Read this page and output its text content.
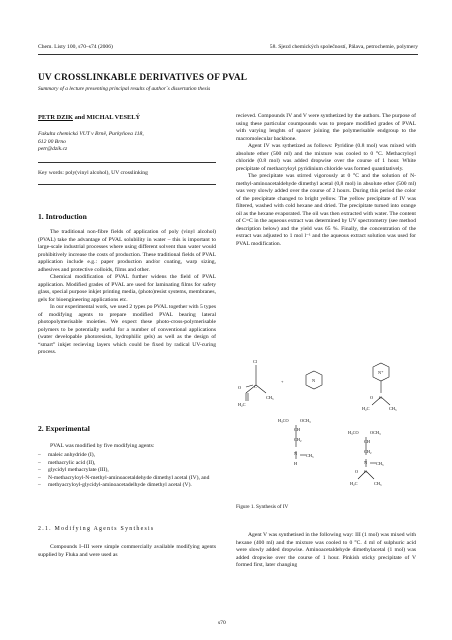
Chem. Listy 100, s70–s74 (2006)	58. Sjezd chemických společností, Pálava, petrochemie, polymery
UV CROSSLINKABLE DERIVATIVES OF PVAL
Summary of a lecture presenting principal results of author´s dissertation thesis
PETR DZIK and MICHAL VESELÝ
Fakulta chemická VUT v Brně, Purkyňova 118,
612 00 Brno
petr@dzik.cz
Key words: poly(vinyl alcohol), UV crosslinking
1. Introduction

The traditional non-fibre fields of application of poly (vinyl alcohol) (PVAL) take the advantage of PVAL solubility in water – this is important to large-scale industrial processes where using different solvent than water would prohibitively increase the costs of production. These traditional fields of PVAL application include e.g.: paper production and/or coating, warp sizing, adhesives and protective colloids, films and other.

Chemical modification of PVAL further widens the field of PVAL application. Modified grades of PVAL are used for laminating films for safety glass, special purpose inkjet printing media, (photo)resist systems, membranes, gels for bioengineering applications etc.

In our experimental work, we used 2 types po PVAL together with 5 types of modifying agents to prepare modified PVAL bearing lateral photopolymerisable moieties. We expect these photo-cross-polymerisable polymers to be potentially useful for a number of conventional applications (water developable photoresists, hydrophilic gels) as well as the design of “smart” inkjet recieving layers which could be fixed by radical UV-curing process.

2. Experimental

PVAL was modified by five modifying agents:

– maleic anhydride (I),
– methacrylic acid (II),
– glycidyl methacrylate (III),
– N-methacryloyl-N-methyl-aminoacetaldehyde dimethyl acetal (IV), and
– methyacryloyl-glycidyl-aminoacetadelhyde dimethyl acetal (V).
2.1. Modifying Agents Synthesis

Compounds I–III were simple commercially available modifying agents supplied by Fluka and were used as

recieved. Compounds IV and V were synthetized by the authors. The purpose of using these particular coumpounds was to prepare modified grades of PVAL with varying lenghts of spacer joining the polymerisable endgroup to the macromolecular backbone.

Agent IV was sythetized as follows: Pyridine (0.8 mol) was mixed with absolute ether (500 ml) and the mixture was cooled to 0 °C. Methacryloyl chloride (0.8 mol) was added dropwise over the course of 1 hour. White precipitate of methacryloyl pyridinium chloride was formed quantitatively.

The precipitate was stirred vigorously at 0 °C and the solution of N-methyl-aminoacetaldehyde dimethyl acetal (0,8 mol) in absolute ether (500 ml) was very slowly added over the course of 2 hours. During this period the color of the precipitate changed to bright yellow. The yellow precipitate of IV was filtered, washed with cold hexane and dried. The precipitate turned into orange oil as the hexane evaporated. The oil was then extracted with water. The content of C=C in the aqueous extract was determined by UV spectrometry (see method description below) and the yield was 65 %. Finally, the concentration of the extract was adjusted to 1 mol l⁻¹ and the aqueous extract solution was used for PVAL modification.

Cl
O	C
H₂C
CH₃
+	N
N⁺
O C
H₂C	CH₃
H₃CO	OCH₃
CH
CH₂
N CH₃
H
H₃CO	OCH₃
CH
CH₂
N CH₃
O C
H₂C	CH₃
Figure 1. Synthesis of IV

Agent V was synthetised in the following way: III (1 mol) was mixed with hexane (400 ml) and the mixture was cooled to 0 °C. 4 ml of sulphuric acid were slowly added dropwise. Aminoacetaldehyde dimethylacetal (1 mol) was added dropwise over the course of 1 hour. Pinkish sticky precipitate of V formed first, later changing

s70
